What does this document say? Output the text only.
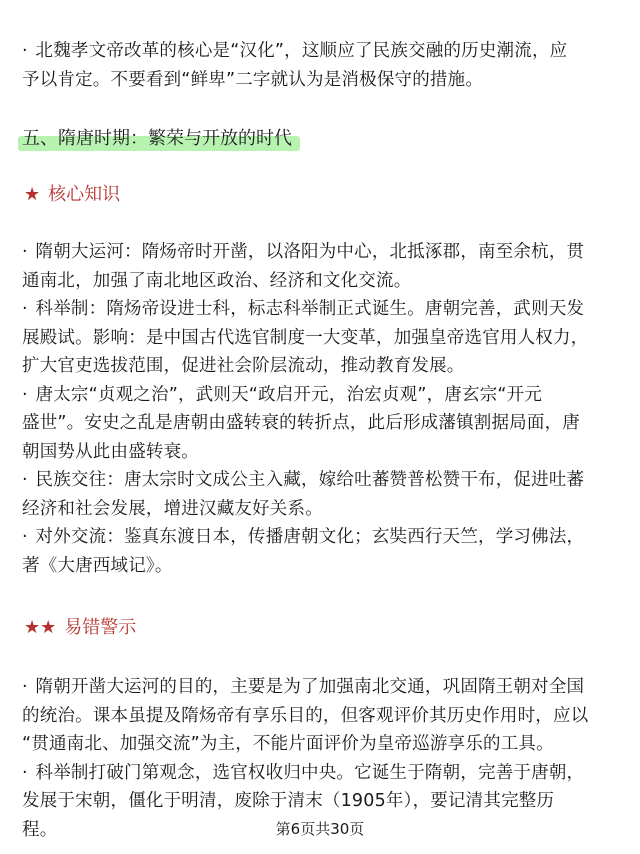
· 北魏孝文帝改革的核心是“汉化”，这顺应了民族交融的历史潮流，应
予以肯定。不要看到“鲜卑”二字就认为是消极保守的措施。
五、隋唐时期：繁荣与开放的时代
★ 核心知识
· 隋朝大运河：隋炀帝时开凿，以洛阳为中心，北抵涿郡，南至余杭，贯
通南北，加强了南北地区政治、经济和文化交流。
· 科举制：隋炀帝设进士科，标志科举制正式诞生。唐朝完善，武则天发
展殿试。影响：是中国古代选官制度一大变革，加强皇帝选官用人权力，
扩大官吏选拔范围，促进社会阶层流动，推动教育发展。
· 唐太宗“贞观之治”，武则天“政启开元，治宏贞观”，唐玄宗“开元
盛世”。安史之乱是唐朝由盛转衰的转折点，此后形成藩镇割据局面，唐
朝国势从此由盛转衰。
· 民族交往：唐太宗时文成公主入藏，嫁给吐蕃赞普松赞干布，促进吐蕃
经济和社会发展，增进汉藏友好关系。
· 对外交流：鉴真东渡日本，传播唐朝文化；玄奘西行天竺，学习佛法，
著《大唐西域记》。
★★ 易错警示
· 隋朝开凿大运河的目的，主要是为了加强南北交通，巩固隋王朝对全国
的统治。课本虽提及隋炀帝有享乐目的，但客观评价其历史作用时，应以
“贯通南北、加强交流”为主，不能片面评价为皇帝巡游享乐的工具。
· 科举制打破门第观念，选官权收归中央。它诞生于隋朝，完善于唐朝，
发展于宋朝，僵化于明清，废除于清末（1905年），要记清其完整历
程。	第6页共30页
